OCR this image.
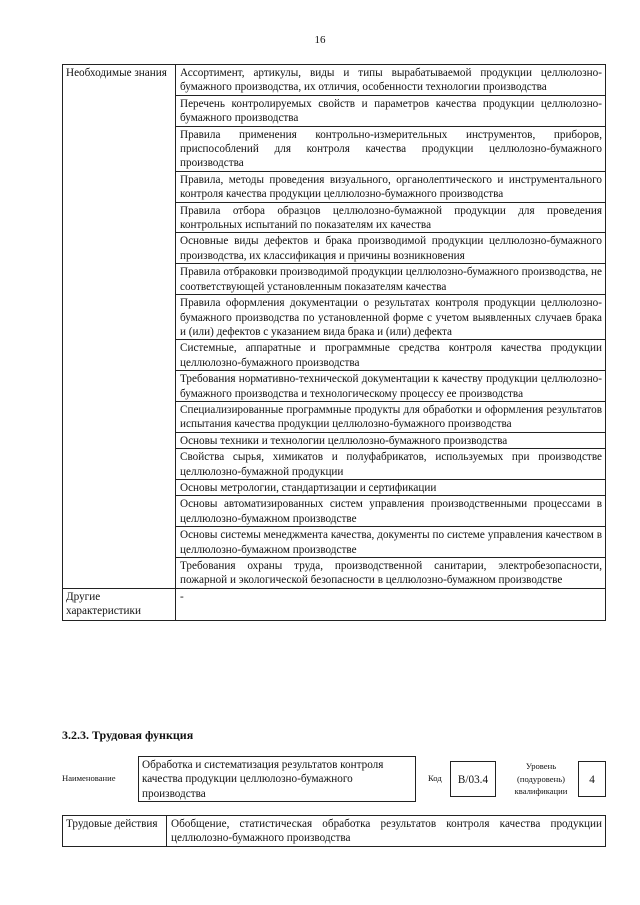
16
Необходимые знания	Ассортимент, артикулы, виды и типы вырабатываемой продукции целлюлозно-бумажного производства, их отличия, особенности технологии производства
	Перечень контролируемых свойств и параметров качества продукции целлюлозно-бумажного производства
	Правила применения контрольно-измерительных инструментов, приборов, приспособлений для контроля качества продукции целлюлозно-бумажного производства
	Правила, методы проведения визуального, органолептического и инструментального контроля качества продукции целлюлозно-бумажного производства
	Правила отбора образцов целлюлозно-бумажной продукции для проведения контрольных испытаний по показателям их качества
	Основные виды дефектов и брака производимой продукции целлюлозно-бумажного производства, их классификация и причины возникновения
	Правила отбраковки производимой продукции целлюлозно-бумажного производства, не соответствующей установленным показателям качества
	Правила оформления документации о результатах контроля продукции целлюлозно-бумажного производства по установленной форме с учетом выявленных случаев брака и (или) дефектов с указанием вида брака и (или) дефекта
	Системные, аппаратные и программные средства контроля качества продукции целлюлозно-бумажного производства
	Требования нормативно-технической документации к качеству продукции целлюлозно-бумажного производства и технологическому процессу ее производства
	Специализированные программные продукты для обработки и оформления результатов испытания качества продукции целлюлозно-бумажного производства
	Основы техники и технологии целлюлозно-бумажного производства
	Свойства сырья, химикатов и полуфабрикатов, используемых при производстве целлюлозно-бумажной продукции
	Основы метрологии, стандартизации и сертификации
	Основы автоматизированных систем управления производственными процессами в целлюлозно-бумажном производстве
	Основы системы менеджмента качества, документы по системе управления качеством в целлюлозно-бумажном производстве
	Требования охраны труда, производственной санитарии, электробезопасности, пожарной и экологической безопасности в целлюлозно-бумажном производстве
Другие характеристики	-
3.2.3. Трудовая функция
Наименование
Обработка и систематизация результатов контроля качества продукции целлюлозно-бумажного производства
Код	B/03.4
Уровень
(подуровень)
квалификации
4
Трудовые действия	Обобщение, статистическая обработка результатов контроля качества продукции целлюлозно-бумажного производства
